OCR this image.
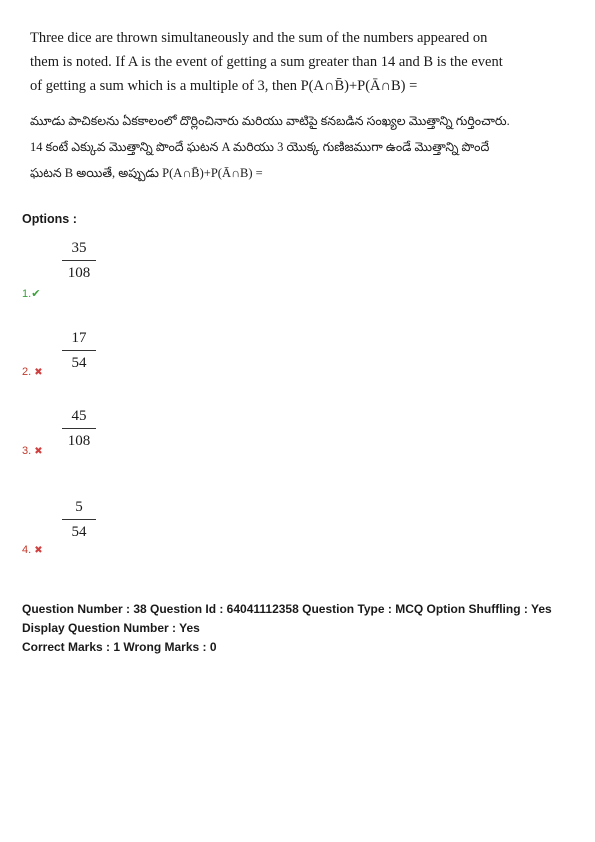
Three dice are thrown simultaneously and the sum of the numbers appeared on
them is noted. If A is the event of getting a sum greater than 14 and B is the event
of getting a sum which is a multiple of 3, then P(A∩B̄)+P(Ā∩B) =
మూడు పాచికలను ఏకకాలంలో దొర్లించినారు మరియు వాటిపై కనబడిన సంఖ్యల మొత్తాన్ని గుర్తించారు.
14 కంటే ఎక్కువ మొత్తాన్ని పొందే ఘటన A మరియు 3 యొక్క గుణిజముగా ఉండే మొత్తాన్ని పొందే
ఘటన B అయితే, అప్పుడు P(A∩B̄)+P(Ā∩B) =
Options :
35
108
1.✔
17
54
2. ✖
45
108
3. ✖
5
54
4. ✖
Question Number : 38 Question Id : 64041112358 Question Type : MCQ Option Shuffling : Yes
Display Question Number : Yes
Correct Marks : 1 Wrong Marks : 0
